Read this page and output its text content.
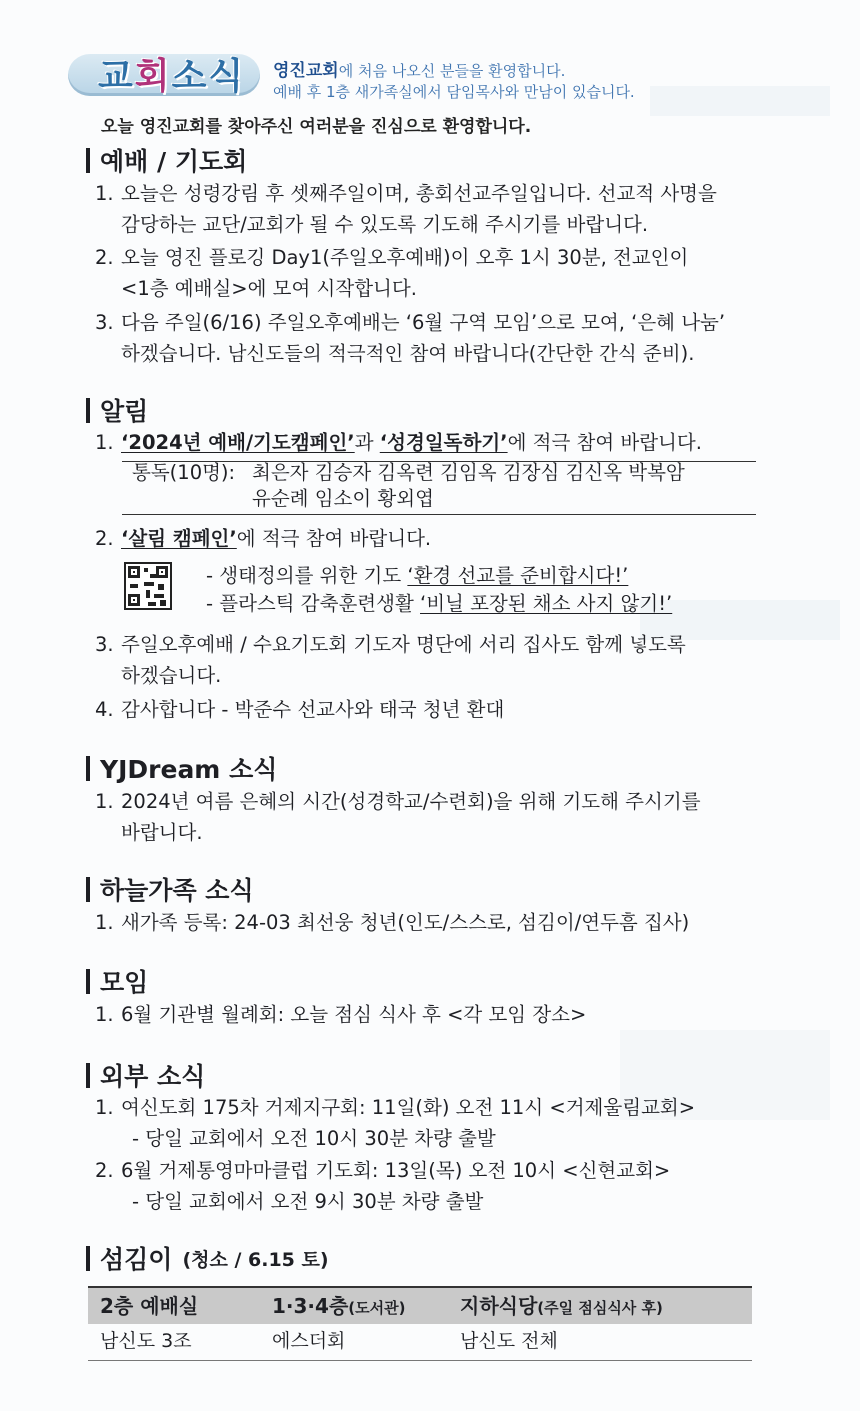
교회소식 영진교회에 처음 나오신 분들을 환영합니다.
예배 후 1층 새가족실에서 담임목사와 만남이 있습니다.
오늘 영진교회를 찾아주신 여러분을 진심으로 환영합니다.
예배 / 기도회
1. 오늘은 성령강림 후 셋째주일이며, 총회선교주일입니다. 선교적 사명을
감당하는 교단/교회가 될 수 있도록 기도해 주시기를 바랍니다.
2. 오늘 영진 플로깅 Day1(주일오후예배)이 오후 1시 30분, 전교인이
<1층 예배실>에 모여 시작합니다.
3. 다음 주일(6/16) 주일오후예배는 ‘6월 구역 모임’으로 모여, ‘은혜 나눔’
하겠습니다. 남신도들의 적극적인 참여 바랍니다(간단한 간식 준비).
알림
1. ‘2024년 예배/기도캠페인’과 ‘성경일독하기’에 적극 참여 바랍니다.
통독(10명): 최은자 김승자 김옥련 김임옥 김장심 김신옥 박복암
유순례 임소이 황외엽
2. ‘살림 캠페인’에 적극 참여 바랍니다.
- 생태정의를 위한 기도 ‘환경 선교를 준비합시다!’
- 플라스틱 감축훈련생활 ‘비닐 포장된 채소 사지 않기!’
3. 주일오후예배 / 수요기도회 기도자 명단에 서리 집사도 함께 넣도록
하겠습니다.
4. 감사합니다 - 박준수 선교사와 태국 청년 환대
YJDream 소식
1. 2024년 여름 은혜의 시간(성경학교/수련회)을 위해 기도해 주시기를
바랍니다.
하늘가족 소식
1. 새가족 등록: 24-03 최선웅 청년(인도/스스로, 섬김이/연두흠 집사)
모임
1. 6월 기관별 월례회: 오늘 점심 식사 후 <각 모임 장소>
외부 소식
1. 여신도회 175차 거제지구회: 11일(화) 오전 11시 <거제울림교회>
- 당일 교회에서 오전 10시 30분 차량 출발
2. 6월 거제통영마마클럽 기도회: 13일(목) 오전 10시 <신현교회>
- 당일 교회에서 오전 9시 30분 차량 출발
섬김이 (청소 / 6.15 토)
2층 예배실	1·3·4층(도서관)	지하식당(주일 점심식사 후)
남신도 3조	에스더회	남신도 전체
